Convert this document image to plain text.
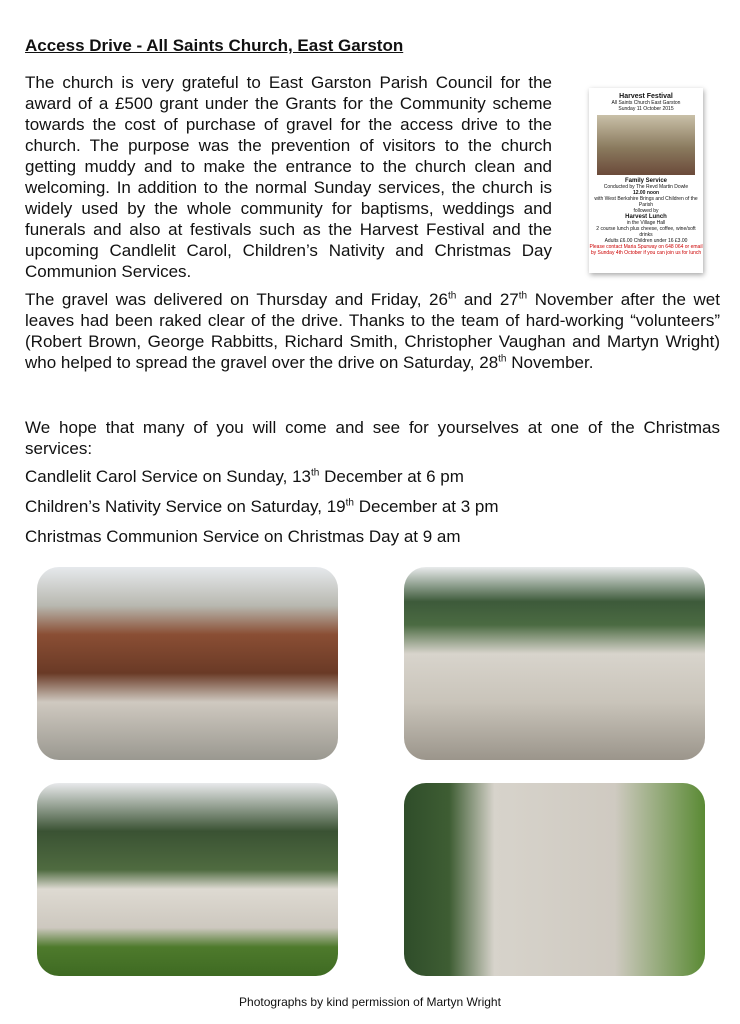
Access Drive - All Saints Church, East Garston

The church is very grateful to East Garston Parish Council for the award of a £500 grant under the Grants for the Community scheme towards the cost of purchase of gravel for the access drive to the church. The purpose was the prevention of visitors to the church getting muddy and to make the entrance to the church clean and welcoming. In addition to the normal Sunday services, the church is widely used by the whole community for baptisms, weddings and funerals and also at festivals such as the Harvest Festival and the upcoming Candlelit Carol, Children’s Nativity and Christmas Day Communion Services.

Harvest Festival
All Saints Church East Garston
Sunday 11 October 2015
Family Service
Conducted by The Revd Martin Dowle
12.00 noon
with West Berkshire Brings and Children of the Parish
followed by
Harvest Lunch
in the Village Hall
2 course lunch plus cheese, coffee, wine/soft drinks
Adults £6.00 Children under 16 £3.00
Please contact Maria Spurway on 648 064 or email by Sunday 4th October if you can join us for lunch

The gravel was delivered on Thursday and Friday, 26th and 27th November after the wet leaves had been raked clear of the drive. Thanks to the team of hard-working “volunteers” (Robert Brown, George Rabbitts, Richard Smith, Christopher Vaughan and Martyn Wright) who helped to spread the gravel over the drive on Saturday, 28th November.

We hope that many of you will come and see for yourselves at one of the Christmas services:

Candlelit Carol Service on Sunday, 13th December at 6 pm

Children’s Nativity Service on Saturday, 19th December at 3 pm

Christmas Communion Service on Christmas Day at 9 am

Photographs by kind permission of Martyn Wright
